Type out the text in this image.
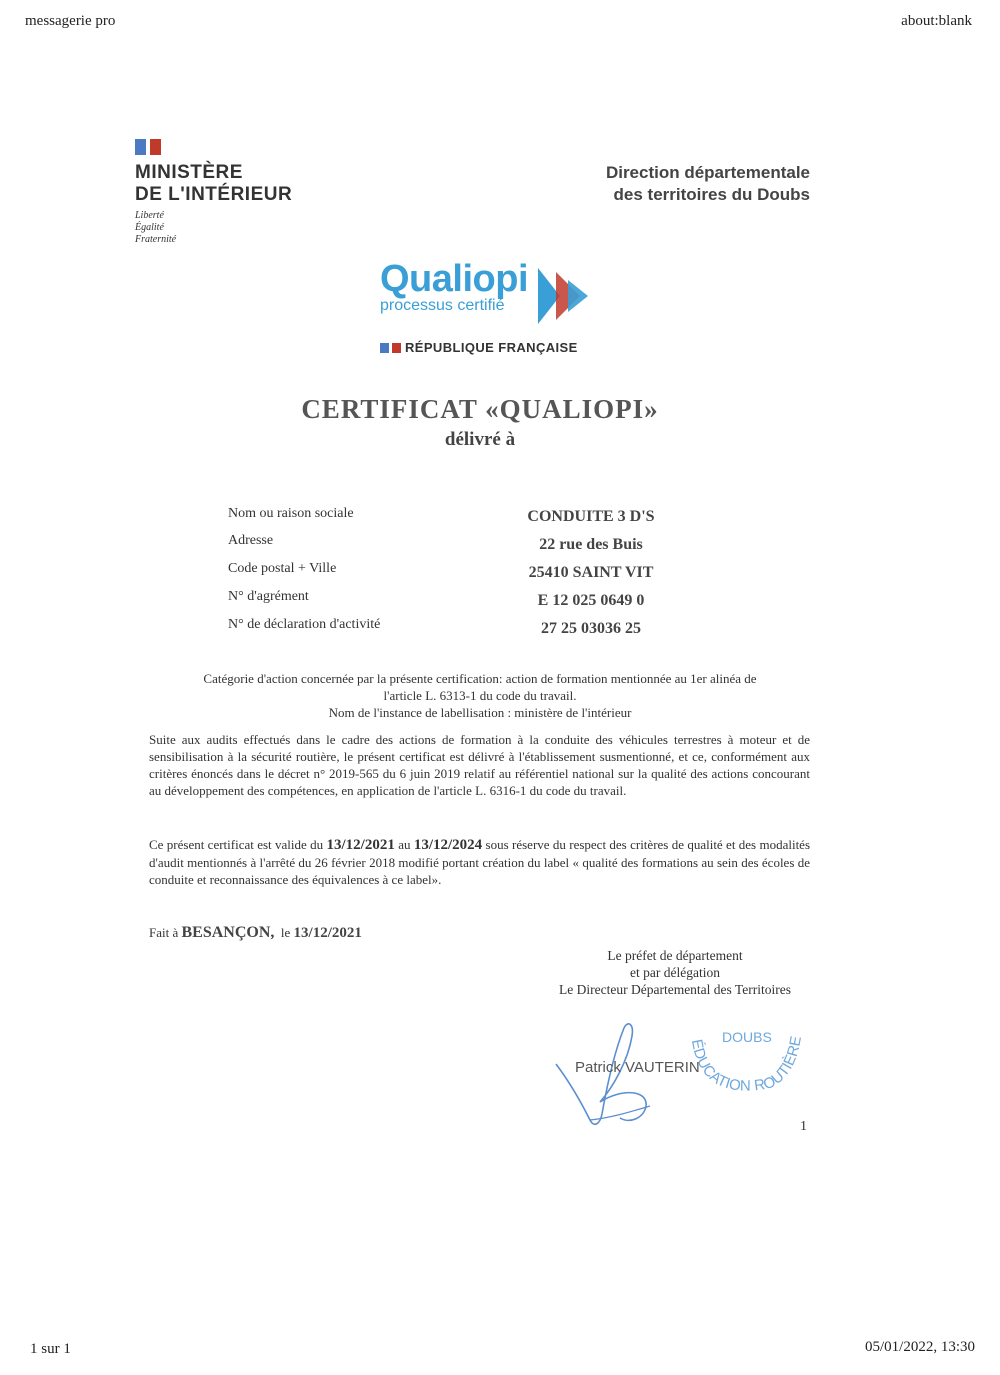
messagerie pro	about:blank
MINISTÈRE
DE L'INTÉRIEUR
Liberté
Égalité
Fraternité
Direction départementale
des territoires du Doubs
Qualiopi
processus certifié
RÉPUBLIQUE FRANÇAISE
CERTIFICAT «QUALIOPI»
délivré à
Nom ou raison sociale	CONDUITE 3 D'S
Adresse	22 rue des Buis
Code postal + Ville	25410 SAINT VIT
N° d'agrément	E 12 025 0649 0
N° de déclaration d'activité	27 25 03036 25
Catégorie d'action concernée par la présente certification: action de formation mentionnée au 1er alinéa de
l'article L. 6313-1 du code du travail.
Nom de l'instance de labellisation : ministère de l'intérieur
Suite aux audits effectués dans le cadre des actions de formation à la conduite des véhicules terrestres à moteur et de sensibilisation à la sécurité routière, le présent certificat est délivré à l'établissement susmentionné, et ce, conformément aux critères énoncés dans le décret n° 2019-565 du 6 juin 2019 relatif au référentiel national sur la qualité des actions concourant au développement des compétences, en application de l'article L. 6316-1 du code du travail.
Ce présent certificat est valide du 13/12/2021 au 13/12/2024 sous réserve du respect des critères de qualité et des modalités d'audit mentionnés à l'arrêté du 26 février 2018 modifié portant création du label « qualité des formations au sein des écoles de conduite et reconnaissance des équivalences à ce label».
Fait à BESANÇON, le 13/12/2021
Le préfet de département
et par délégation
Le Directeur Départemental des Territoires
DOUBS
ÉDUCATION ROUTIÈRE
Patrick VAUTERIN
1
1 sur 1	05/01/2022, 13:30
